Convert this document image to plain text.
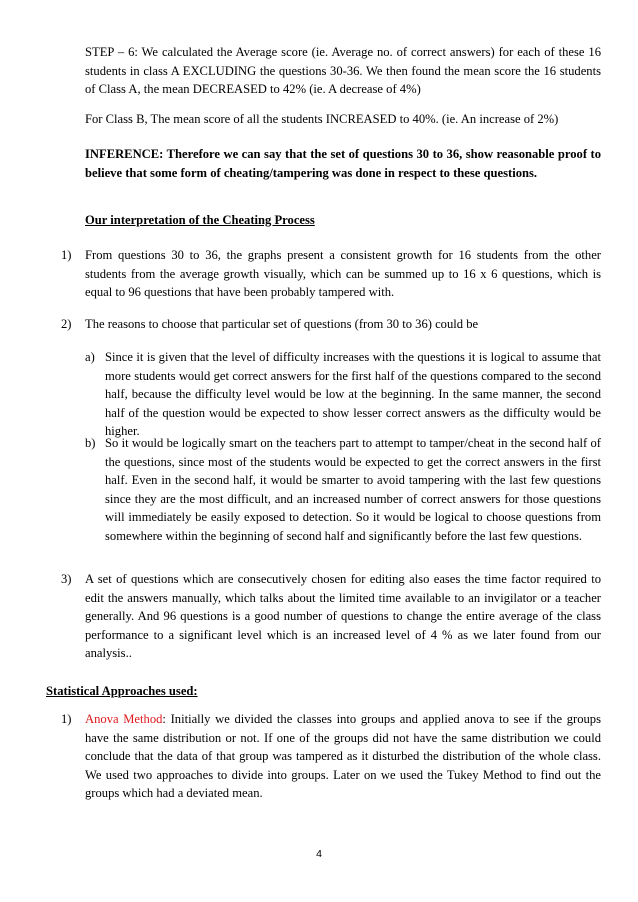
STEP – 6: We calculated the Average score (ie. Average no. of correct answers) for each of these 16 students in class A EXCLUDING the questions 30-36. We then found the mean score the 16 students of Class A, the mean DECREASED to 42% (ie. A decrease of 4%)

For Class B, The mean score of all the students INCREASED to 40%. (ie. An increase of 2%)

INFERENCE: Therefore we can say that the set of questions 30 to 36, show reasonable proof to believe that some form of cheating/tampering was done in respect to these questions.

Our interpretation of the Cheating Process

1) From questions 30 to 36, the graphs present a consistent growth for 16 students from the other students from the average growth visually, which can be summed up to 16 x 6 questions, which is equal to 96 questions that have been probably tampered with.

2) The reasons to choose that particular set of questions (from 30 to 36) could be

a) Since it is given that the level of difficulty increases with the questions it is logical to assume that more students would get correct answers for the first half of the questions compared to the second half, because the difficulty level would be low at the beginning. In the same manner, the second half of the question would be expected to show lesser correct answers as the difficulty would be higher.

b) So it would be logically smart on the teachers part to attempt to tamper/cheat in the second half of the questions, since most of the students would be expected to get the correct answers in the first half. Even in the second half, it would be smarter to avoid tampering with the last few questions since they are the most difficult, and an increased number of correct answers for those questions will immediately be easily exposed to detection. So it would be logical to choose questions from somewhere within the beginning of second half and significantly before the last few questions.

3) A set of questions which are consecutively chosen for editing also eases the time factor required to edit the answers manually, which talks about the limited time available to an invigilator or a teacher generally. And 96 questions is a good number of questions to change the entire average of the class performance to a significant level which is an increased level of 4 % as we later found from our analysis..

Statistical Approaches used:

1) Anova Method: Initially we divided the classes into groups and applied anova to see if the groups have the same distribution or not. If one of the groups did not have the same distribution we could conclude that the data of that group was tampered as it disturbed the distribution of the whole class. We used two approaches to divide into groups. Later on we used the Tukey Method to find out the groups which had a deviated mean.

4
